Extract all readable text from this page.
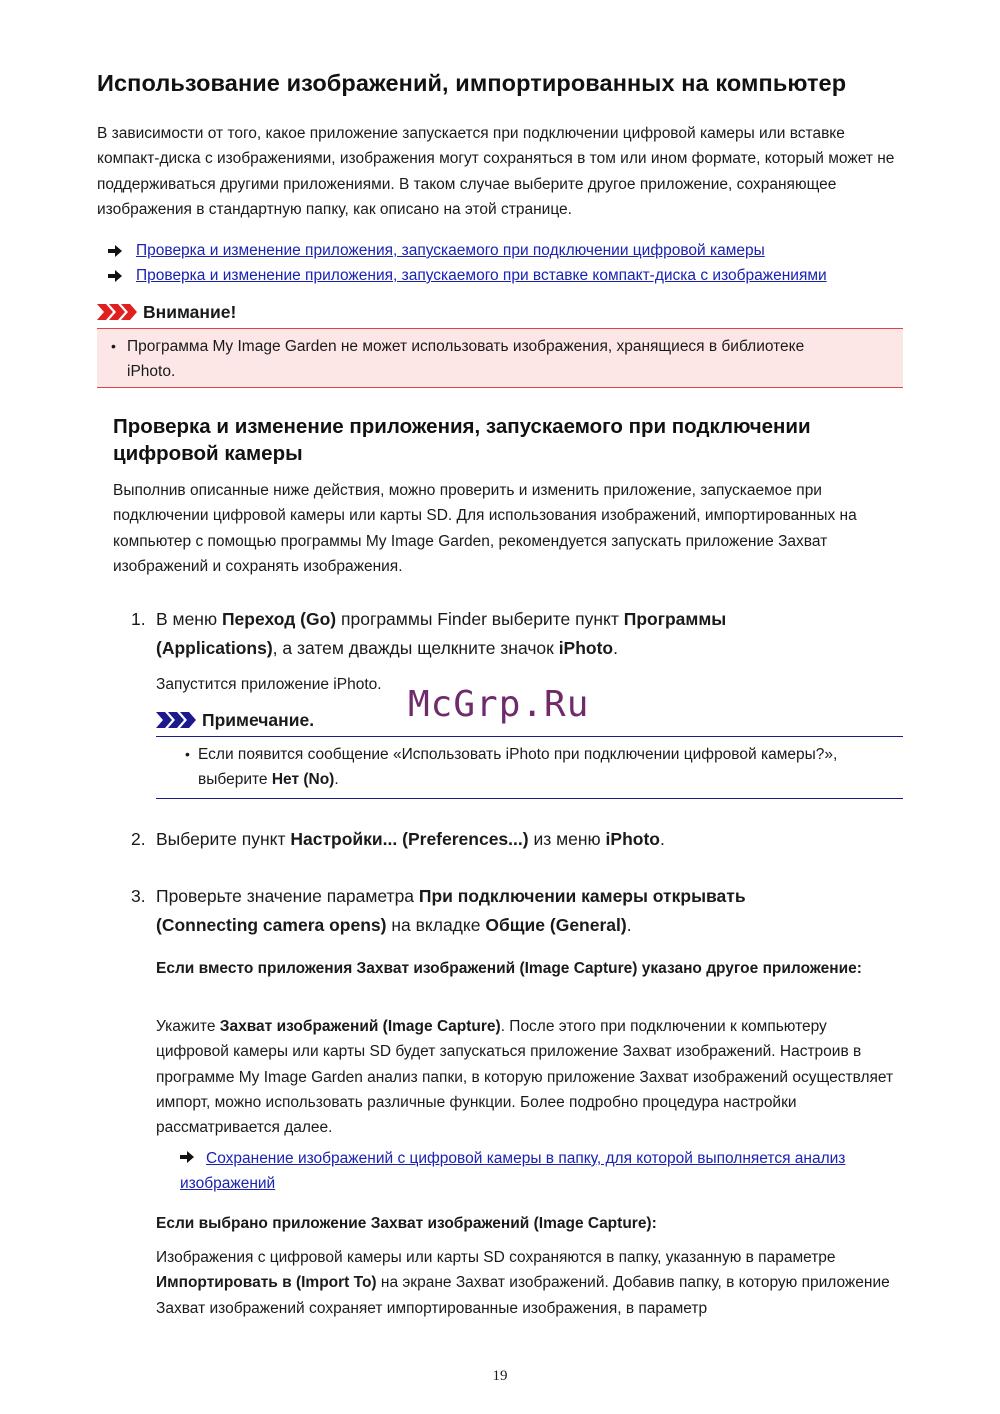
Использование изображений, импортированных на компьютер

В зависимости от того, какое приложение запускается при подключении цифровой камеры или вставке компакт-диска с изображениями, изображения могут сохраняться в том или ином формате, который может не поддерживаться другими приложениями. В таком случае выберите другое приложение, сохраняющее изображения в стандартную папку, как описано на этой странице.

Проверка и изменение приложения, запускаемого при подключении цифровой камеры
Проверка и изменение приложения, запускаемого при вставке компакт-диска с изображениями
Внимание!
• Программа My Image Garden не может использовать изображения, хранящиеся в библиотеке
iPhoto.
Проверка и изменение приложения, запускаемого при подключении цифровой камеры

Выполнив описанные ниже действия, можно проверить и изменить приложение, запускаемое при подключении цифровой камеры или карты SD. Для использования изображений, импортированных на компьютер с помощью программы My Image Garden, рекомендуется запускать приложение Захват изображений и сохранять изображения.

1. В меню Переход (Go) программы Finder выберите пункт Программы (Applications), а затем дважды щелкните значок iPhoto.
Запустится приложение iPhoto.
Примечание.
• Если появится сообщение «Использовать iPhoto при подключении цифровой камеры?»,
выберите Нет (No).
2. Выберите пункт Настройки... (Preferences...) из меню iPhoto.
3. Проверьте значение параметра При подключении камеры открывать (Connecting camera opens) на вкладке Общие (General).
Если вместо приложения Захват изображений (Image Capture) указано другое приложение:

Укажите Захват изображений (Image Capture). После этого при подключении к компьютеру цифровой камеры или карты SD будет запускаться приложение Захват изображений. Настроив в программе My Image Garden анализ папки, в которую приложение Захват изображений осуществляет импорт, можно использовать различные функции. Более подробно процедура настройки рассматривается далее.

Сохранение изображений с цифровой камеры в папку, для которой выполняется анализ изображений
Если выбрано приложение Захват изображений (Image Capture):

Изображения с цифровой камеры или карты SD сохраняются в папку, указанную в параметре Импортировать в (Import To) на экране Захват изображений. Добавив папку, в которую приложение Захват изображений сохраняет импортированные изображения, в параметр

McGrp.Ru
19
